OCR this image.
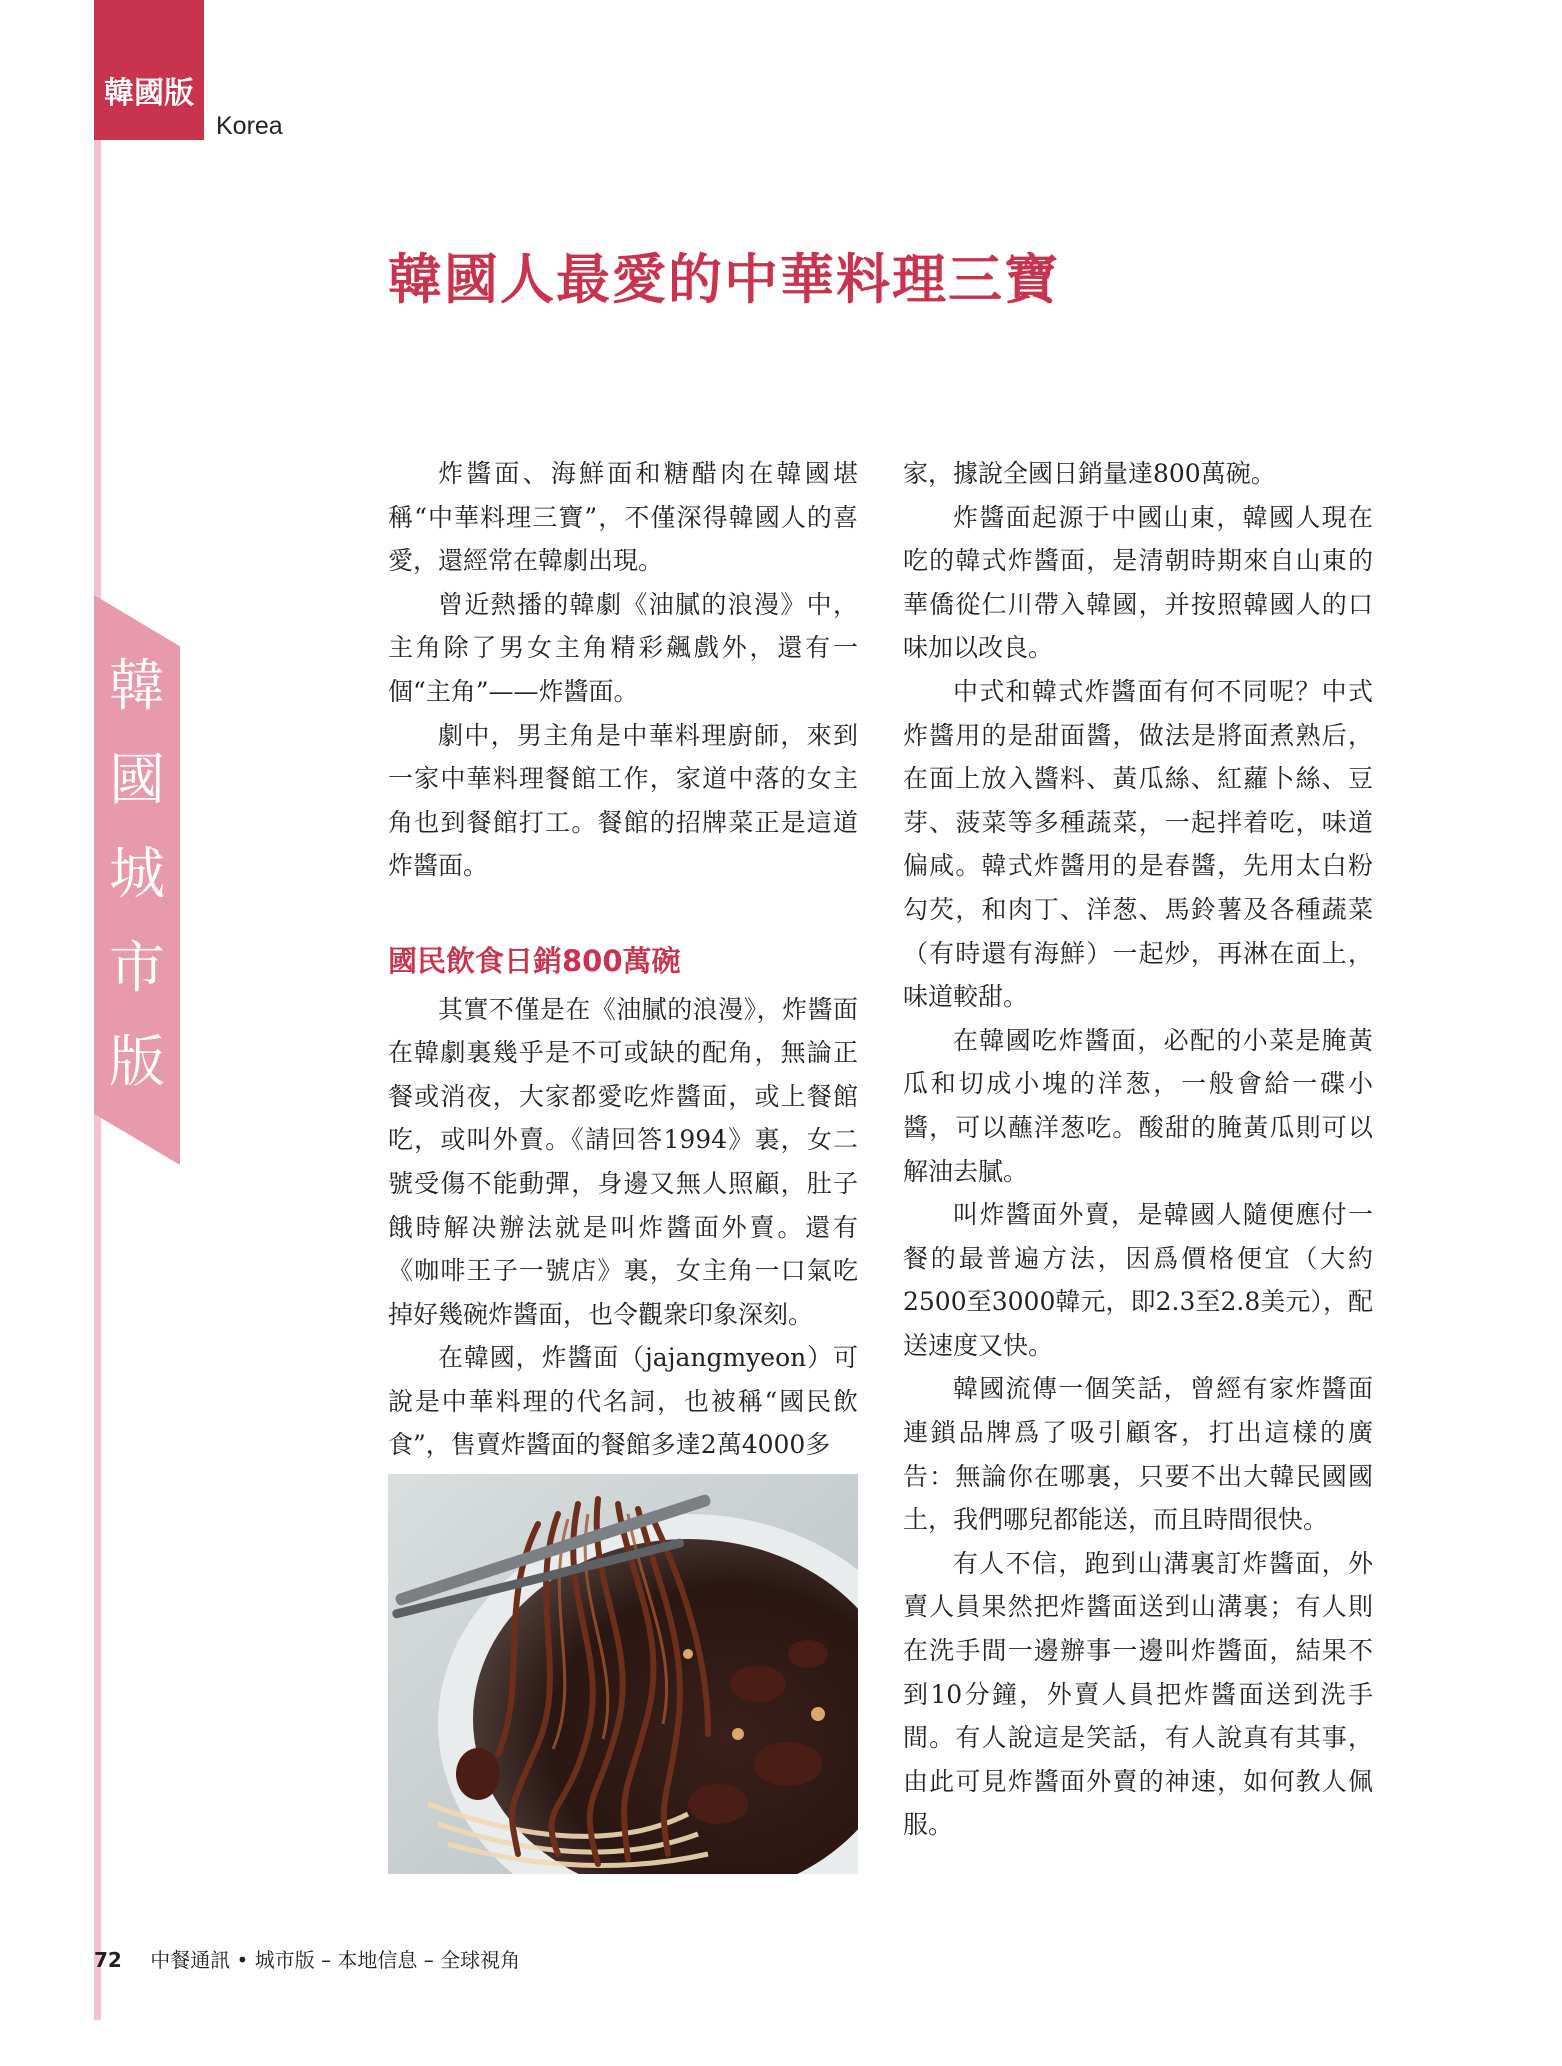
韓國版
Korea
韓
國
城
市
版
韓國人最愛的中華料理三寶

炸醬面、海鮮面和糖醋肉在韓國堪稱“中華料理三寶”，不僅深得韓國人的喜愛，還經常在韓劇出現。

曾近熱播的韓劇《油膩的浪漫》中，主角除了男女主角精彩飆戲外，還有一個“主角”——炸醬面。

劇中，男主角是中華料理廚師，來到一家中華料理餐館工作，家道中落的女主角也到餐館打工。餐館的招牌菜正是這道炸醬面。

國民飲食日銷800萬碗

其實不僅是在《油膩的浪漫》，炸醬面在韓劇裏幾乎是不可或缺的配角，無論正餐或消夜，大家都愛吃炸醬面，或上餐館吃，或叫外賣。《請回答1994》裏，女二號受傷不能動彈，身邊又無人照顧，肚子餓時解决辦法就是叫炸醬面外賣。還有《咖啡王子一號店》裏，女主角一口氣吃掉好幾碗炸醬面，也令觀衆印象深刻。

在韓國，炸醬面（jajangmyeon）可說是中華料理的代名詞，也被稱“國民飲食”，售賣炸醬面的餐館多達2萬4000多

家，據說全國日銷量達800萬碗。

炸醬面起源于中國山東，韓國人現在吃的韓式炸醬面，是清朝時期來自山東的華僑從仁川帶入韓國，并按照韓國人的口味加以改良。

中式和韓式炸醬面有何不同呢？中式炸醬用的是甜面醬，做法是將面煮熟后，在面上放入醬料、黃瓜絲、紅蘿卜絲、豆芽、菠菜等多種蔬菜，一起拌着吃，味道偏咸。韓式炸醬用的是春醬，先用太白粉勾芡，和肉丁、洋葱、馬鈴薯及各種蔬菜（有時還有海鮮）一起炒，再淋在面上，味道較甜。

在韓國吃炸醬面，必配的小菜是腌黃瓜和切成小塊的洋葱，一般會給一碟小醬，可以蘸洋葱吃。酸甜的腌黃瓜則可以解油去膩。

叫炸醬面外賣，是韓國人隨便應付一餐的最普遍方法，因爲價格便宜（大約2500至3000韓元，即2.3至2.8美元），配送速度又快。

韓國流傳一個笑話，曾經有家炸醬面連鎖品牌爲了吸引顧客，打出這樣的廣告：無論你在哪裏，只要不出大韓民國國土，我們哪兒都能送，而且時間很快。

有人不信，跑到山溝裏訂炸醬面，外賣人員果然把炸醬面送到山溝裏；有人則在洗手間一邊辦事一邊叫炸醬面，結果不到10分鐘，外賣人員把炸醬面送到洗手間。有人說這是笑話，有人說真有其事，由此可見炸醬面外賣的神速，如何教人佩服。

72 中餐通訊 • 城市版 – 本地信息 – 全球視角
